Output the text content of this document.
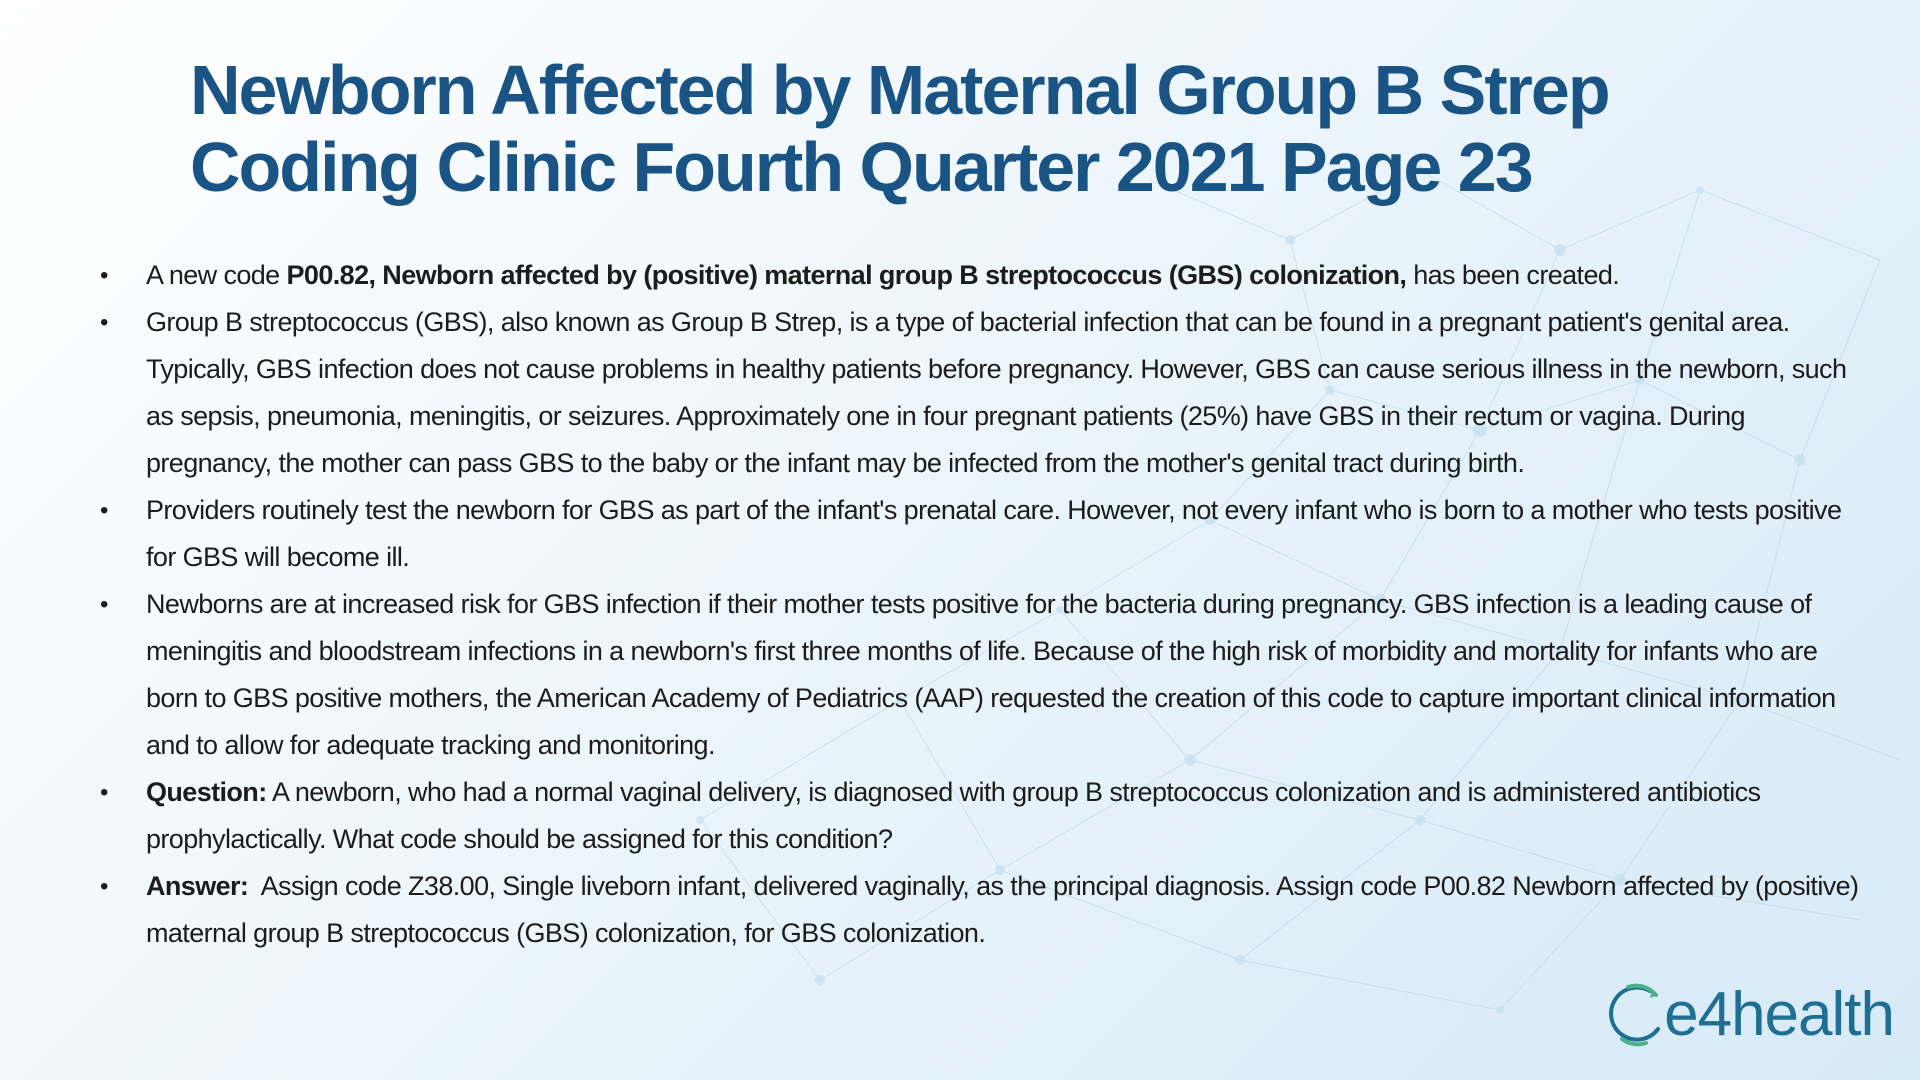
Newborn Affected by Maternal Group B Strep
Coding Clinic Fourth Quarter 2021 Page 23
• A new code P00.82, Newborn affected by (positive) maternal group B streptococcus (GBS) colonization, has been created.
• Group B streptococcus (GBS), also known as Group B Strep, is a type of bacterial infection that can be found in a pregnant patient's genital area. Typically, GBS infection does not cause problems in healthy patients before pregnancy. However, GBS can cause serious illness in the newborn, such as sepsis, pneumonia, meningitis, or seizures. Approximately one in four pregnant patients (25%) have GBS in their rectum or vagina. During pregnancy, the mother can pass GBS to the baby or the infant may be infected from the mother's genital tract during birth.
• Providers routinely test the newborn for GBS as part of the infant's prenatal care. However, not every infant who is born to a mother who tests positive for GBS will become ill.
• Newborns are at increased risk for GBS infection if their mother tests positive for the bacteria during pregnancy. GBS infection is a leading cause of meningitis and bloodstream infections in a newborn's first three months of life. Because of the high risk of morbidity and mortality for infants who are born to GBS positive mothers, the American Academy of Pediatrics (AAP) requested the creation of this code to capture important clinical information and to allow for adequate tracking and monitoring.
• Question: A newborn, who had a normal vaginal delivery, is diagnosed with group B streptococcus colonization and is administered antibiotics prophylactically. What code should be assigned for this condition?
• Answer:  Assign code Z38.00, Single liveborn infant, delivered vaginally, as the principal diagnosis. Assign code P00.82 Newborn affected by (positive) maternal group B streptococcus (GBS) colonization, for GBS colonization.
e4health
